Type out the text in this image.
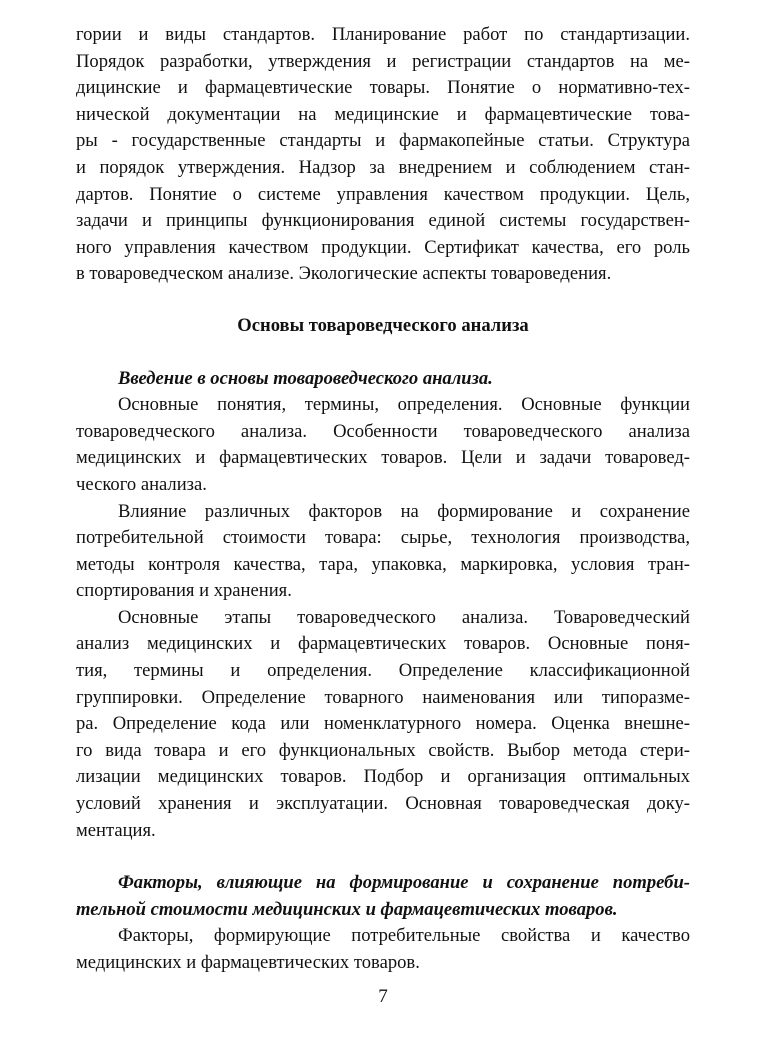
гории и виды стандартов. Планирование работ по стандартизации.
Порядок разработки, утверждения и регистрации стандартов на ме-
дицинские и фармацевтические товары. Понятие о нормативно-тех-
нической документации на медицинские и фармацевтические това-
ры - государственные стандарты и фармакопейные статьи. Структура
и порядок утверждения. Надзор за внедрением и соблюдением стан-
дартов. Понятие о системе управления качеством продукции. Цель,
задачи и принципы функционирования единой системы государствен-
ного управления качеством продукции. Сертификат качества, его роль
в товароведческом анализе. Экологические аспекты товароведения.
Основы товароведческого анализа
Введение в основы товароведческого анализа.
Основные понятия, термины, определения. Основные функции
товароведческого анализа. Особенности товароведческого анализа
медицинских и фармацевтических товаров. Цели и задачи товаровед-
ческого анализа.
Влияние различных факторов на формирование и сохранение
потребительной стоимости товара: сырье, технология производства,
методы контроля качества, тара, упаковка, маркировка, условия тран-
спортирования и хранения.
Основные этапы товароведческого анализа. Товароведческий
анализ медицинских и фармацевтических товаров. Основные поня-
тия, термины и определения. Определение классификационной
группировки. Определение товарного наименования или типоразме-
ра. Определение кода или номенклатурного номера. Оценка внешне-
го вида товара и его функциональных свойств. Выбор метода стери-
лизации медицинских товаров. Подбор и организация оптимальных
условий хранения и эксплуатации. Основная товароведческая доку-
ментация.
Факторы, влияющие на формирование и сохранение потреби-
тельной стоимости медицинских и фармацевтических товаров.
Факторы, формирующие потребительные свойства и качество
медицинских и фармацевтических товаров.
7
